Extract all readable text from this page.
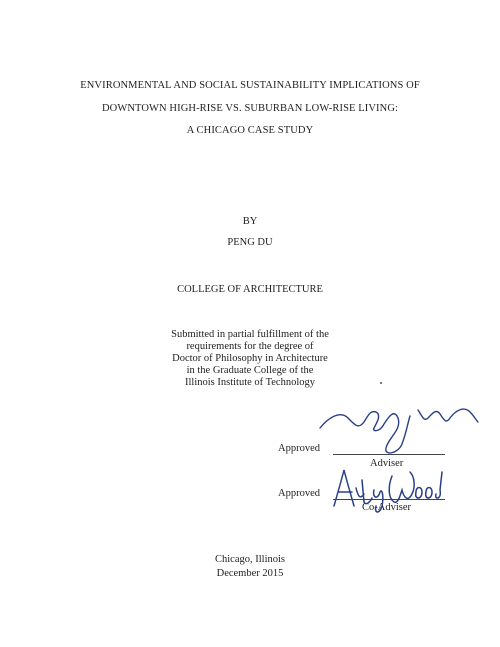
ENVIRONMENTAL AND SOCIAL SUSTAINABILITY IMPLICATIONS OF
DOWNTOWN HIGH-RISE VS. SUBURBAN LOW-RISE LIVING:
A CHICAGO CASE STUDY
BY
PENG DU
COLLEGE OF ARCHITECTURE
Submitted in partial fulfillment of the
requirements for the degree of
Doctor of Philosophy in Architecture
in the Graduate College of the
Illinois Institute of Technology
Approved
Adviser
Approved
Co-Adviser
Chicago, Illinois
December 2015
